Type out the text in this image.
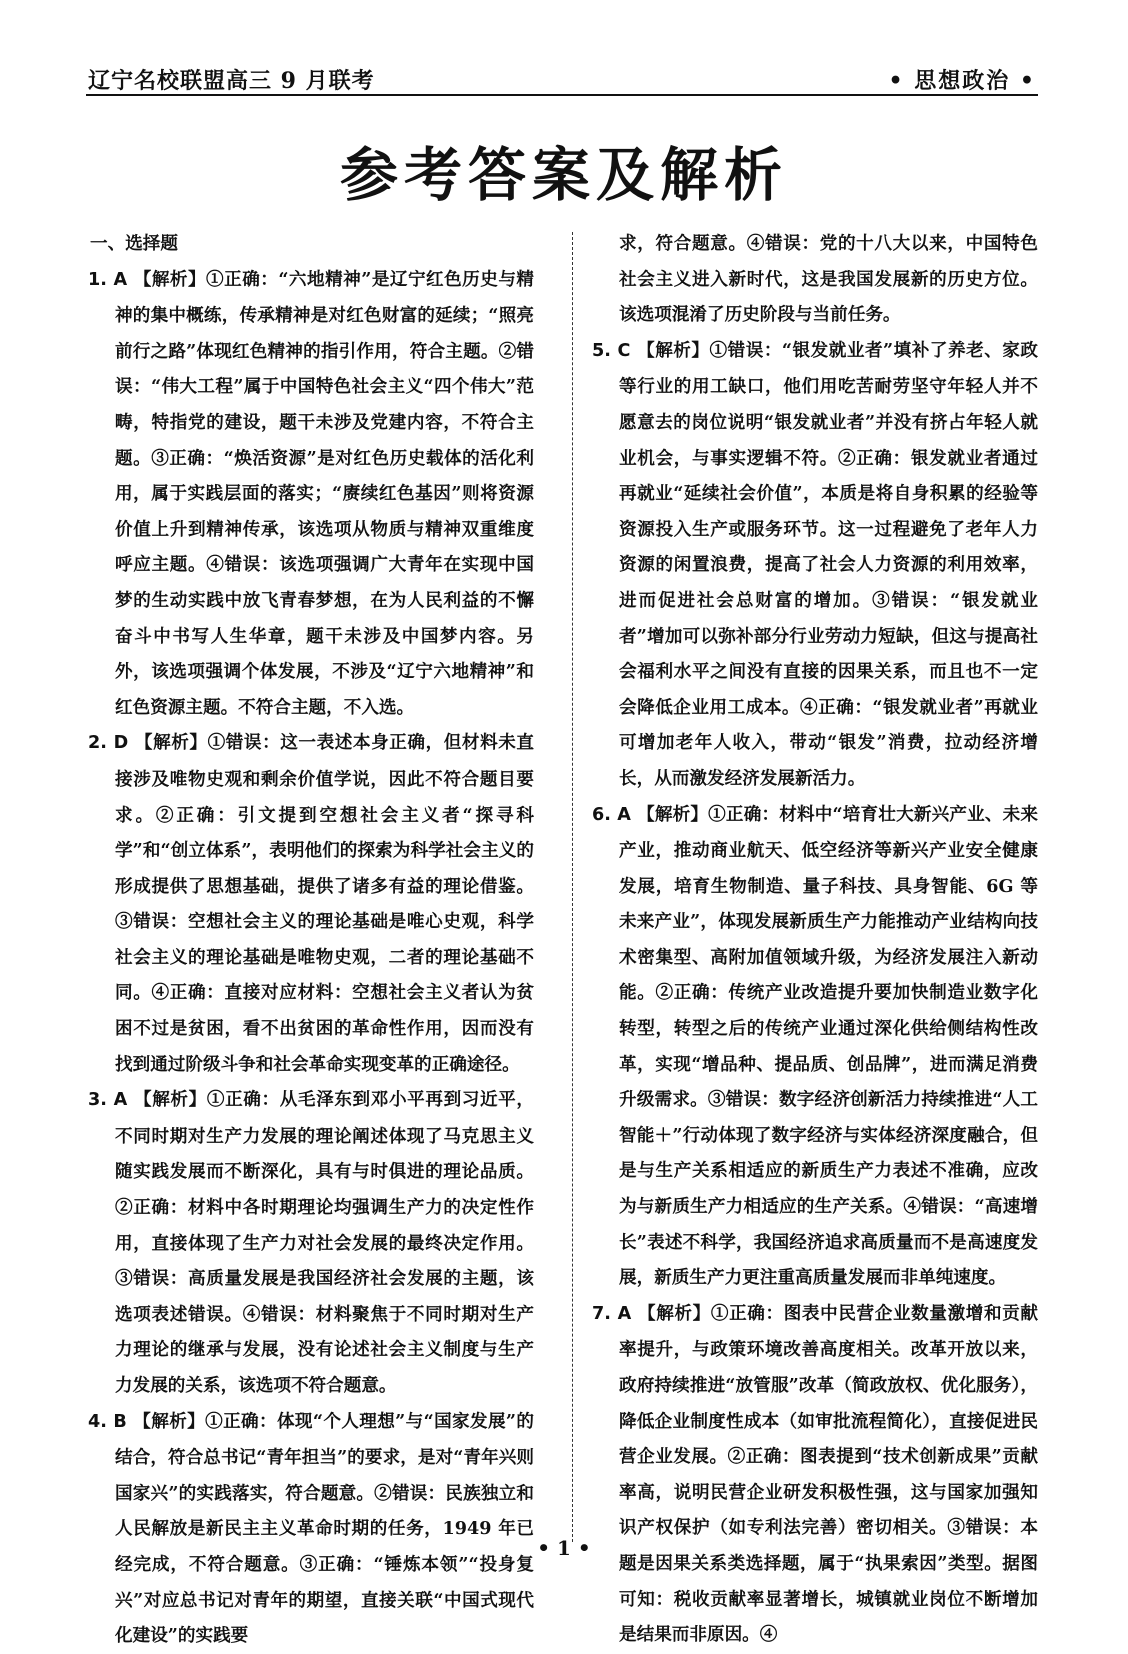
辽宁名校联盟高三 9 月联考	• 思想政治 •
参考答案及解析

一、选择题

1. A 【解析】①正确：“六地精神”是辽宁红色历史与精神的集中概练，传承精神是对红色财富的延续；“照亮前行之路”体现红色精神的指引作用，符合主题。②错误：“伟大工程”属于中国特色社会主义“四个伟大”范畴，特指党的建设，题干未涉及党建内容，不符合主题。③正确：“焕活资源”是对红色历史载体的活化利用，属于实践层面的落实；“赓续红色基因”则将资源价值上升到精神传承，该选项从物质与精神双重维度呼应主题。④错误：该选项强调广大青年在实现中国梦的生动实践中放飞青春梦想，在为人民利益的不懈奋斗中书写人生华章，题干未涉及中国梦内容。另外，该选项强调个体发展，不涉及“辽宁六地精神”和红色资源主题。不符合主题，不入选。

2. D 【解析】①错误：这一表述本身正确，但材料未直接涉及唯物史观和剩余价值学说，因此不符合题目要求。②正确：引文提到空想社会主义者“探寻科学”和“创立体系”，表明他们的探索为科学社会主义的形成提供了思想基础，提供了诸多有益的理论借鉴。③错误：空想社会主义的理论基础是唯心史观，科学社会主义的理论基础是唯物史观，二者的理论基础不同。④正确：直接对应材料：空想社会主义者认为贫困不过是贫困，看不出贫困的革命性作用，因而没有找到通过阶级斗争和社会革命实现变革的正确途径。

3. A 【解析】①正确：从毛泽东到邓小平再到习近平，不同时期对生产力发展的理论阐述体现了马克思主义随实践发展而不断深化，具有与时俱进的理论品质。②正确：材料中各时期理论均强调生产力的决定性作用，直接体现了生产力对社会发展的最终决定作用。③错误：高质量发展是我国经济社会发展的主题，该选项表述错误。④错误：材料聚焦于不同时期对生产力理论的继承与发展，没有论述社会主义制度与生产力发展的关系，该选项不符合题意。

4. B 【解析】①正确：体现“个人理想”与“国家发展”的结合，符合总书记“青年担当”的要求，是对“青年兴则国家兴”的实践落实，符合题意。②错误：民族独立和人民解放是新民主主义革命时期的任务，1949 年已经完成，不符合题意。③正确：“锤炼本领”“投身复兴”对应总书记对青年的期望，直接关联“中国式现代化建设”的实践要

求，符合题意。④错误：党的十八大以来，中国特色社会主义进入新时代，这是我国发展新的历史方位。该选项混淆了历史阶段与当前任务。

5. C 【解析】①错误：“银发就业者”填补了养老、家政等行业的用工缺口，他们用吃苦耐劳坚守年轻人并不愿意去的岗位说明“银发就业者”并没有挤占年轻人就业机会，与事实逻辑不符。②正确：银发就业者通过再就业“延续社会价值”，本质是将自身积累的经验等资源投入生产或服务环节。这一过程避免了老年人力资源的闲置浪费，提高了社会人力资源的利用效率，进而促进社会总财富的增加。③错误：“银发就业者”增加可以弥补部分行业劳动力短缺，但这与提高社会福利水平之间没有直接的因果关系，而且也不一定会降低企业用工成本。④正确：“银发就业者”再就业可增加老年人收入，带动“银发”消费，拉动经济增长，从而激发经济发展新活力。

6. A 【解析】①正确：材料中“培育壮大新兴产业、未来产业，推动商业航天、低空经济等新兴产业安全健康发展，培育生物制造、量子科技、具身智能、6G 等未来产业”，体现发展新质生产力能推动产业结构向技术密集型、高附加值领域升级，为经济发展注入新动能。②正确：传统产业改造提升要加快制造业数字化转型，转型之后的传统产业通过深化供给侧结构性改革，实现“增品种、提品质、创品牌”，进而满足消费升级需求。③错误：数字经济创新活力持续推进“人工智能＋”行动体现了数字经济与实体经济深度融合，但是与生产关系相适应的新质生产力表述不准确，应改为与新质生产力相适应的生产关系。④错误：“高速增长”表述不科学，我国经济追求高质量而不是高速度发展，新质生产力更注重高质量发展而非单纯速度。

7. A 【解析】①正确：图表中民营企业数量激增和贡献率提升，与政策环境改善高度相关。改革开放以来，政府持续推进“放管服”改革（简政放权、优化服务），降低企业制度性成本（如审批流程简化），直接促进民营企业发展。②正确：图表提到“技术创新成果”贡献率高，说明民营企业研发积极性强，这与国家加强知识产权保护（如专利法完善）密切相关。③错误：本题是因果关系类选择题，属于“执果索因”类型。据图可知：税收贡献率显著增长，城镇就业岗位不断增加是结果而非原因。④

• 1 •
